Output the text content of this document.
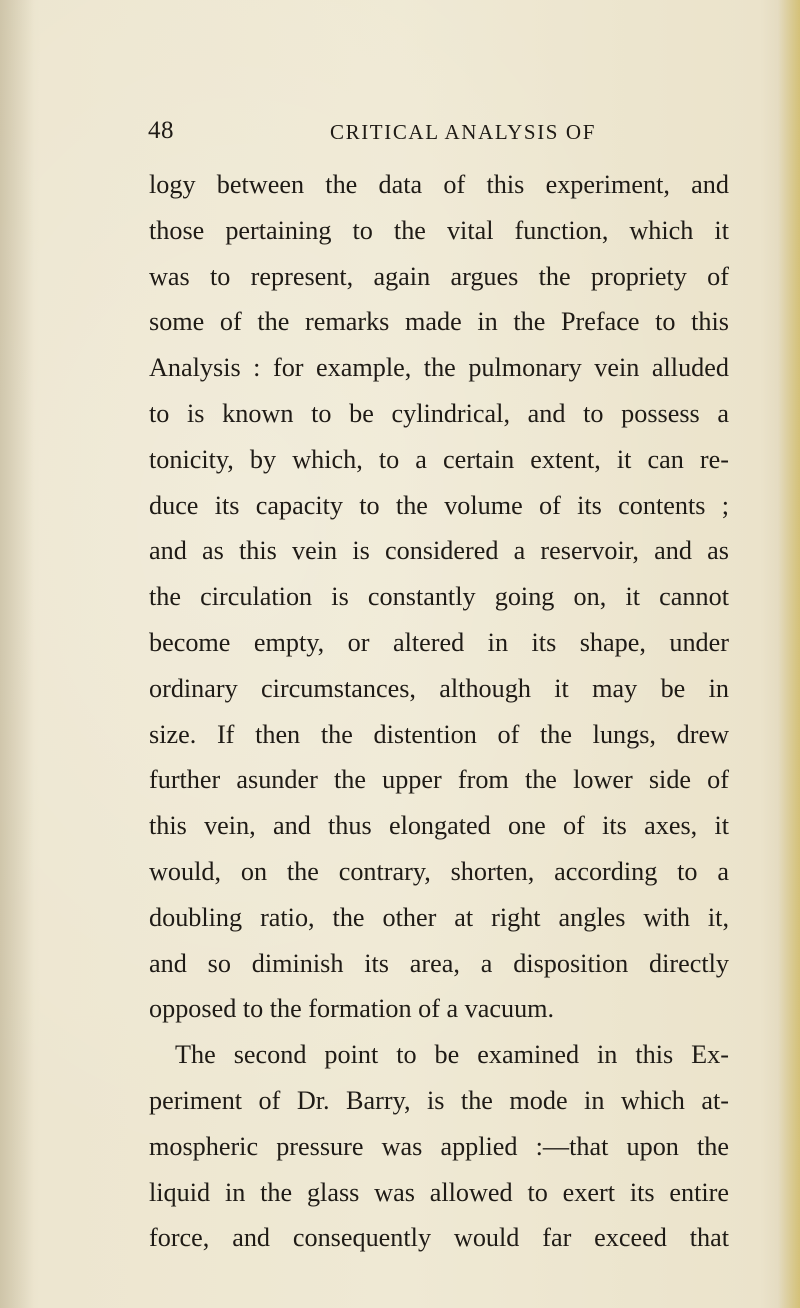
48	CRITICAL ANALYSIS OF
logy between the data of this experiment, and
those pertaining to the vital function, which it
was to represent, again argues the propriety of
some of the remarks made in the Preface to this
Analysis : for example, the pulmonary vein alluded
to is known to be cylindrical, and to possess a
tonicity, by which, to a certain extent, it can re-
duce its capacity to the volume of its contents ;
and as this vein is considered a reservoir, and as
the circulation is constantly going on, it cannot
become empty, or altered in its shape, under
ordinary circumstances, although it may be in
size. If then the distention of the lungs, drew
further asunder the upper from the lower side of
this vein, and thus elongated one of its axes, it
would, on the contrary, shorten, according to a
doubling ratio, the other at right angles with it,
and so diminish its area, a disposition directly
opposed to the formation of a vacuum.
The second point to be examined in this Ex-
periment of Dr. Barry, is the mode in which at-
mospheric pressure was applied :—that upon the
liquid in the glass was allowed to exert its entire
force, and consequently would far exceed that
